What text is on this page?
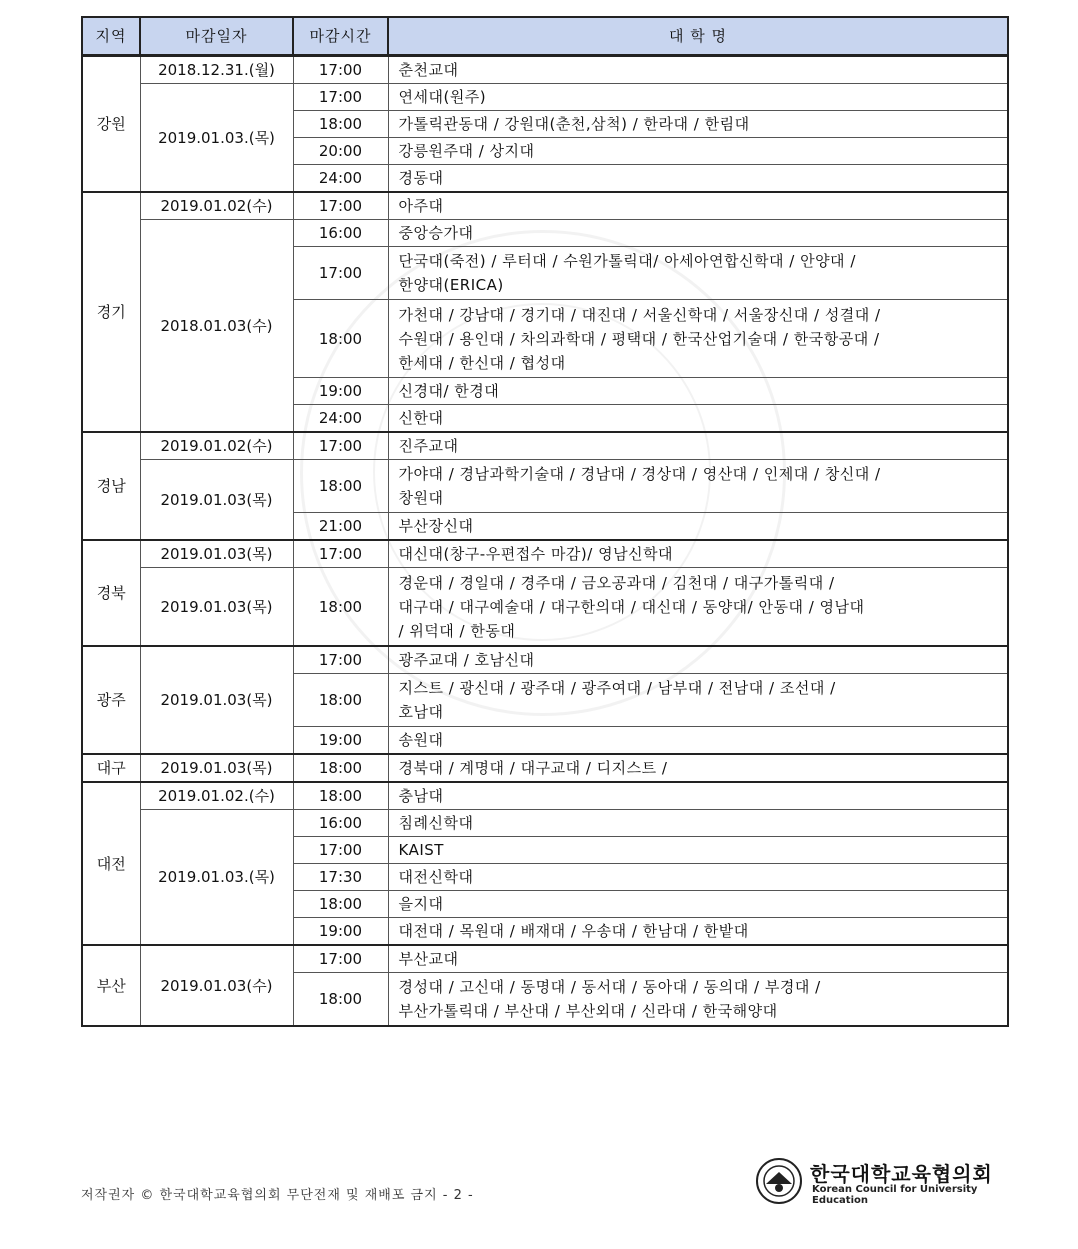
지역	마감일자	마감시간	대 학 명
강원	2018.12.31.(월)	17:00	춘천교대
	2019.01.03.(목)	17:00	연세대(원주)
		18:00	가톨릭관동대 / 강원대(춘천,삼척) / 한라대 / 한림대
		20:00	강릉원주대 / 상지대
		24:00	경동대
경기	2019.01.02(수)	17:00	아주대
	2018.01.03(수)	16:00	중앙승가대
		17:00	단국대(죽전) / 루터대 / 수원가톨릭대/ 아세아연합신학대 / 안양대 /
한양대(ERICA)
		18:00	가천대 / 강남대 / 경기대 / 대진대 / 서울신학대 / 서울장신대 / 성결대 /
수원대 / 용인대 / 차의과학대 / 평택대 / 한국산업기술대 / 한국항공대 /
한세대 / 한신대 / 협성대
		19:00	신경대/ 한경대
		24:00	신한대
경남	2019.01.02(수)	17:00	진주교대
	2019.01.03(목)	18:00	가야대 / 경남과학기술대 / 경남대 / 경상대 / 영산대 / 인제대 / 창신대 /
창원대
		21:00	부산장신대
경북	2019.01.03(목)	17:00	대신대(창구-우편접수 마감)/ 영남신학대
	2019.01.03(목)	18:00	경운대 / 경일대 / 경주대 / 금오공과대 / 김천대 / 대구가톨릭대 /
대구대 / 대구예술대 / 대구한의대 / 대신대 / 동양대/ 안동대 / 영남대
/ 위덕대 / 한동대
광주	2019.01.03(목)	17:00	광주교대 / 호남신대
		18:00	지스트 / 광신대 / 광주대 / 광주여대 / 남부대 / 전남대 / 조선대 /
호남대
		19:00	송원대
대구	2019.01.03(목)	18:00	경북대 / 계명대 / 대구교대 / 디지스트 /
대전	2019.01.02.(수)	18:00	충남대
	2019.01.03.(목)	16:00	침례신학대
		17:00	KAIST
		17:30	대전신학대
		18:00	을지대
		19:00	대전대 / 목원대 / 배재대 / 우송대 / 한남대 / 한밭대
부산	2019.01.03(수)	17:00	부산교대
		18:00	경성대 / 고신대 / 동명대 / 동서대 / 동아대 / 동의대 / 부경대 /
부산가톨릭대 / 부산대 / 부산외대 / 신라대 / 한국해양대
저작권자 © 한국대학교육협의회 무단전재 및 재배포 금지 - 2 -
한국대학교육협의회
Korean Council for University Education
